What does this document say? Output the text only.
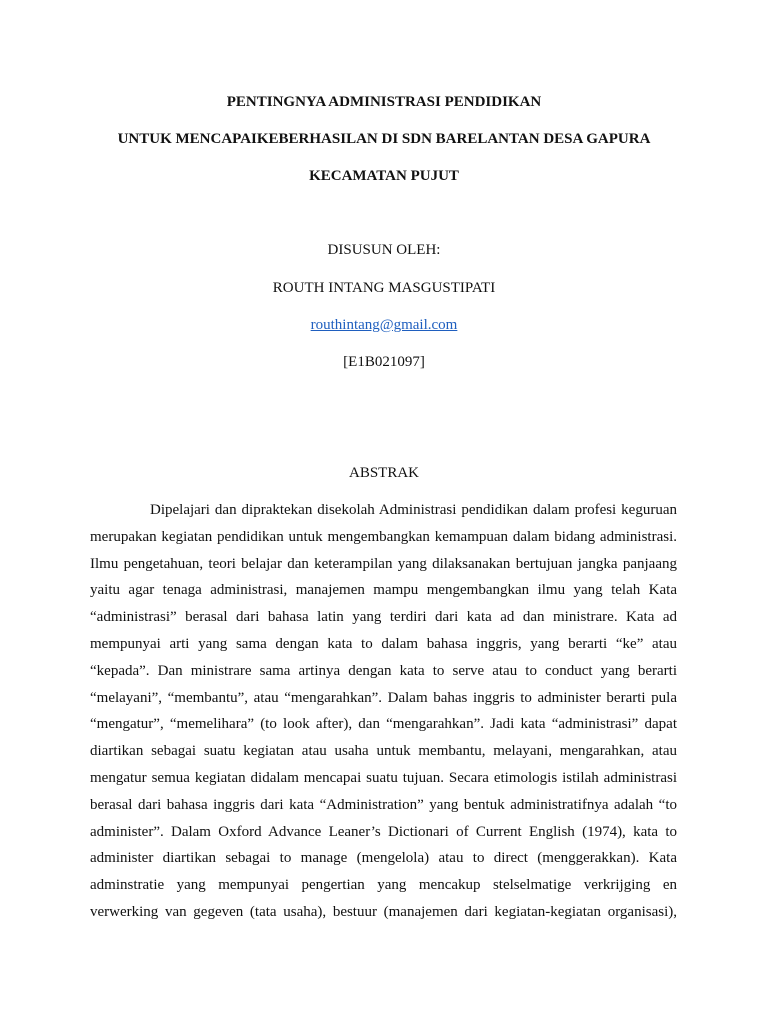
PENTINGNYA ADMINISTRASI PENDIDIKAN
UNTUK MENCAPAIKEBERHASILAN DI SDN BARELANTAN DESA GAPURA
KECAMATAN PUJUT
DISUSUN OLEH:
ROUTH INTANG MASGUSTIPATI
routhintang@gmail.com
[E1B021097]
ABSTRAK
Dipelajari dan dipraktekan disekolah Administrasi pendidikan dalam profesi keguruan
merupakan kegiatan pendidikan untuk mengembangkan kemampuan dalam bidang administrasi.
Ilmu pengetahuan, teori belajar dan keterampilan yang dilaksanakan bertujuan jangka panjaang
yaitu agar tenaga administrasi, manajemen mampu mengembangkan ilmu yang telah Kata
“administrasi” berasal dari bahasa latin yang terdiri dari kata ad dan ministrare. Kata ad
mempunyai arti yang sama dengan kata to dalam bahasa inggris, yang berarti “ke” atau
“kepada”. Dan ministrare sama artinya dengan kata to serve atau to conduct yang berarti
“melayani”, “membantu”, atau “mengarahkan”. Dalam bahas inggris to administer berarti pula
“mengatur”, “memelihara” (to look after), dan “mengarahkan”. Jadi kata “administrasi” dapat
diartikan sebagai suatu kegiatan atau usaha untuk membantu, melayani, mengarahkan, atau
mengatur semua kegiatan didalam mencapai suatu tujuan. Secara etimologis istilah administrasi
berasal dari bahasa inggris dari kata “Administration” yang bentuk administratifnya adalah “to
administer”. Dalam Oxford Advance Leaner’s Dictionari of Current English (1974), kata to
administer diartikan sebagai to manage (mengelola) atau to direct (menggerakkan). Kata
adminstratie yang mempunyai pengertian yang mencakup stelselmatige verkrijging en
verwerking van gegeven (tata usaha), bestuur (manajemen dari kegiatan-kegiatan organisasi),
